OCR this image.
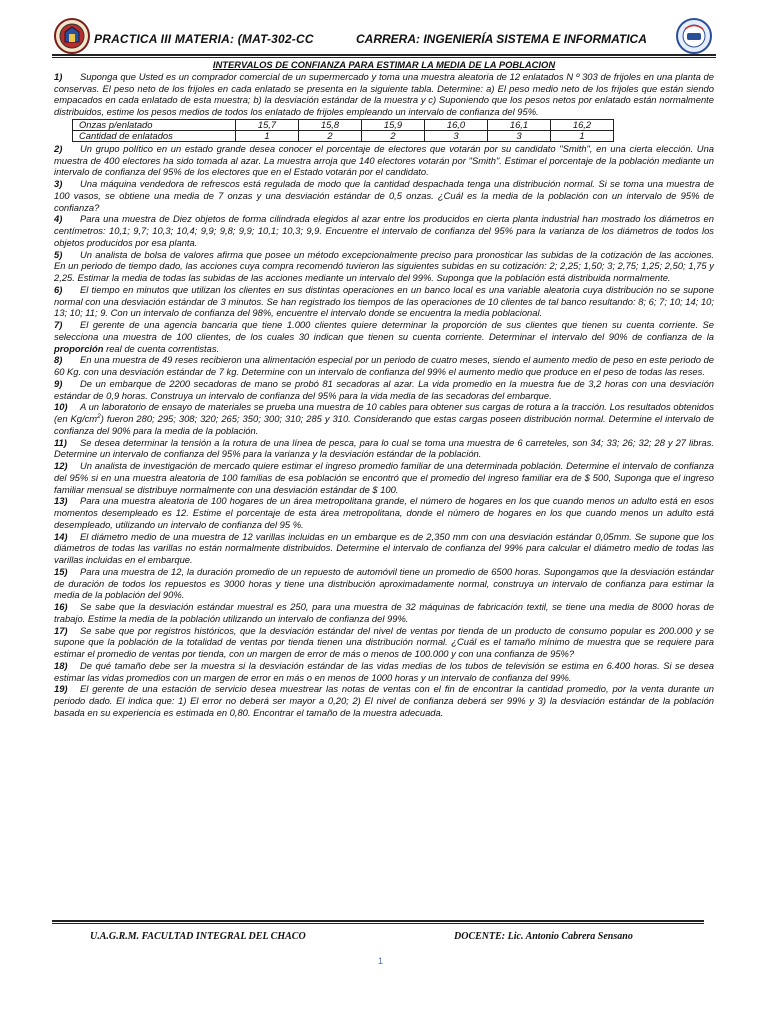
PRACTICA III MATERIA: (MAT-302-CC	CARRERA: INGENIERÍA SISTEMA E INFORMATICA

INTERVALOS DE CONFIANZA PARA ESTIMAR LA MEDIA DE LA POBLACION

1) Suponga que Usted es un comprador comercial de un supermercado y toma una muestra aleatoria de 12 enlatados N º 303 de frijoles en una planta de conservas. El peso neto de los frijoles en cada enlatado se presenta en la siguiente tabla. Determine: a) El peso medio neto de los frijoles que están siendo empacados en cada enlatado de esta muestra; b) la desviación estándar de la muestra y c) Suponiendo que los pesos netos por enlatado están normalmente distribuidos, estime los pesos medios de todos los enlatado de frijoles empleando un intervalo de confianza del 95%.

Onzas p/enlatado	15,7	15,8	15,9	16,0	16,1	16,2
Cantidad de enlatados	1	2	2	3	3	1

2) Un grupo político en un estado grande desea conocer el porcentaje de electores que votarán por su candidato "Smith", en una cierta elección. Una muestra de 400 electores ha sido tomada al azar. La muestra arroja que 140 electores votarán por "Smith". Estimar el porcentaje de la población mediante un intervalo de confianza del 95% de los electores que en el Estado votarán por el candidato.

3) Una máquina vendedora de refrescos está regulada de modo que la cantidad despachada tenga una distribución normal. Si se toma una muestra de 100 vasos, se obtiene una media de 7 onzas y una desviación estándar de 0,5 onzas. ¿Cuál es la media de la población con un intervalo de 95% de confianza?

4) Para una muestra de Diez objetos de forma cilindrada elegidos al azar entre los producidos en cierta planta industrial han mostrado los diámetros en centímetros: 10,1; 9,7; 10,3; 10,4; 9,9; 9,8; 9,9; 10,1; 10,3; 9,9. Encuentre el intervalo de confianza del 95% para la varianza de los diámetros de todos los objetos producidos por esa planta.

5) Un analista de bolsa de valores afirma que posee un método excepcionalmente preciso para pronosticar las subidas de la cotización de las acciones. En un periodo de tiempo dado, las acciones cuya compra recomendó tuvieron las siguientes subidas en su cotización: 2; 2,25; 1,50; 3; 2,75; 1,25; 2,50; 1,75 y 2,25. Estimar la media de todas las subidas de las acciones mediante un intervalo del 99%. Suponga que la población está distribuida normalmente.

6) El tiempo en minutos que utilizan los clientes en sus distintas operaciones en un banco local es una variable aleatoria cuya distribución no se supone normal con una desviación estándar de 3 minutos. Se han registrado los tiempos de las operaciones de 10 clientes de tal banco resultando: 8; 6; 7; 10; 14; 10; 13; 10; 11; 9. Con un intervalo de confianza del 98%, encuentre el intervalo donde se encuentra la media poblacional.

7) El gerente de una agencia bancaria que tiene 1.000 clientes quiere determinar la proporción de sus clientes que tienen su cuenta corriente. Se selecciona una muestra de 100 clientes, de los cuales 30 indican que tienen su cuenta corriente. Determinar el intervalo del 90% de confianza de la proporción real de cuenta correntistas.

8) En una muestra de 49 reses recibieron una alimentación especial por un periodo de cuatro meses, siendo el aumento medio de peso en este periodo de 60 Kg. con una desviación estándar de 7 kg. Determine con un intervalo de confianza del 99% el aumento medio que produce en el peso de todas las reses.

9) De un embarque de 2200 secadoras de mano se probó 81 secadoras al azar. La vida promedio en la muestra fue de 3,2 horas con una desviación estándar de 0,9 horas. Construya un intervalo de confianza del 95% para la vida media de las secadoras del embarque.

10) A un laboratorio de ensayo de materiales se prueba una muestra de 10 cables para obtener sus cargas de rotura a la tracción. Los resultados obtenidos (en $Kg/cm^2$) fueron 280; 295; 308; 320; 265; 350; 300; 310; 285 y 310. Considerando que estas cargas poseen distribución normal. Determine el intervalo de confianza del 90% para la media de la población.

11) Se desea determinar la tensión a la rotura de una línea de pesca, para lo cual se toma una muestra de 6 carreteles, son 34; 33; 26; 32; 28 y 27 libras. Determine un intervalo de confianza del 95% para la varianza y la desviación estándar de la población.

12) Un analista de investigación de mercado quiere estimar el ingreso promedio familiar de una determinada población. Determine el intervalo de confianza del 95% si en una muestra aleatoria de 100 familias de esa población se encontró que el promedio del ingreso familiar era de $ 500, Suponga que el ingreso familiar mensual se distribuye normalmente con una desviación estándar de $ 100.

13) Para una muestra aleatoria de 100 hogares de un área metropolitana grande, el número de hogares en los que cuando menos un adulto está en esos momentos desempleado es 12. Estime el porcentaje de esta área metropolitana, donde el número de hogares en los que cuando menos un adulto está desempleado, utilizando un intervalo de confianza del 95 %.

14) El diámetro medio de una muestra de 12 varillas incluidas en un embarque es de 2,350 mm con una desviación estándar 0,05mm. Se supone que los diámetros de todas las varillas no están normalmente distribuidos. Determine el intervalo de confianza del 99% para calcular el diámetro medio de todas las varillas incluidas en el embarque.

15) Para una muestra de 12, la duración promedio de un repuesto de automóvil tiene un promedio de 6500 horas. Supongamos que la desviación estándar de duración de todos los repuestos es 3000 horas y tiene una distribución aproximadamente normal, construya un intervalo de confianza para estimar la media de la población del 90%.

16) Se sabe que la desviación estándar muestral es 250, para una muestra de 32 máquinas de fabricación textil, se tiene una media de 8000 horas de trabajo. Estime la media de la población utilizando un intervalo de confianza del 99%.

17) Se sabe que por registros históricos, que la desviación estándar del nivel de ventas por tienda de un producto de consumo popular es 200.000 y se supone que la población de la totalidad de ventas por tienda tienen una distribución normal. ¿Cuál es el tamaño mínimo de muestra que se requiere para estimar el promedio de ventas por tienda, con un margen de error de más o menos de 100.000 y con una confianza de 95%?

18) De qué tamaño debe ser la muestra si la desviación estándar de las vidas medias de los tubos de televisión se estima en 6.400 horas. Si se desea estimar las vidas promedios con un margen de error en más o en menos de 1000 horas y un intervalo de confianza del 99%.

19) El gerente de una estación de servicio desea muestrear las notas de ventas con el fin de encontrar la cantidad promedio, por la venta durante un periodo dado. El indica que: 1) El error no deberá ser mayor a 0,20; 2) El nivel de confianza deberá ser 99% y 3) la desviación estándar de la población basada en su experiencia es estimada en 0,80. Encontrar el tamaño de la muestra adecuada.

U.A.G.R.M. FACULTAD INTEGRAL DEL CHACO	DOCENTE: Lic. Antonio Cabrera Sensano
1
